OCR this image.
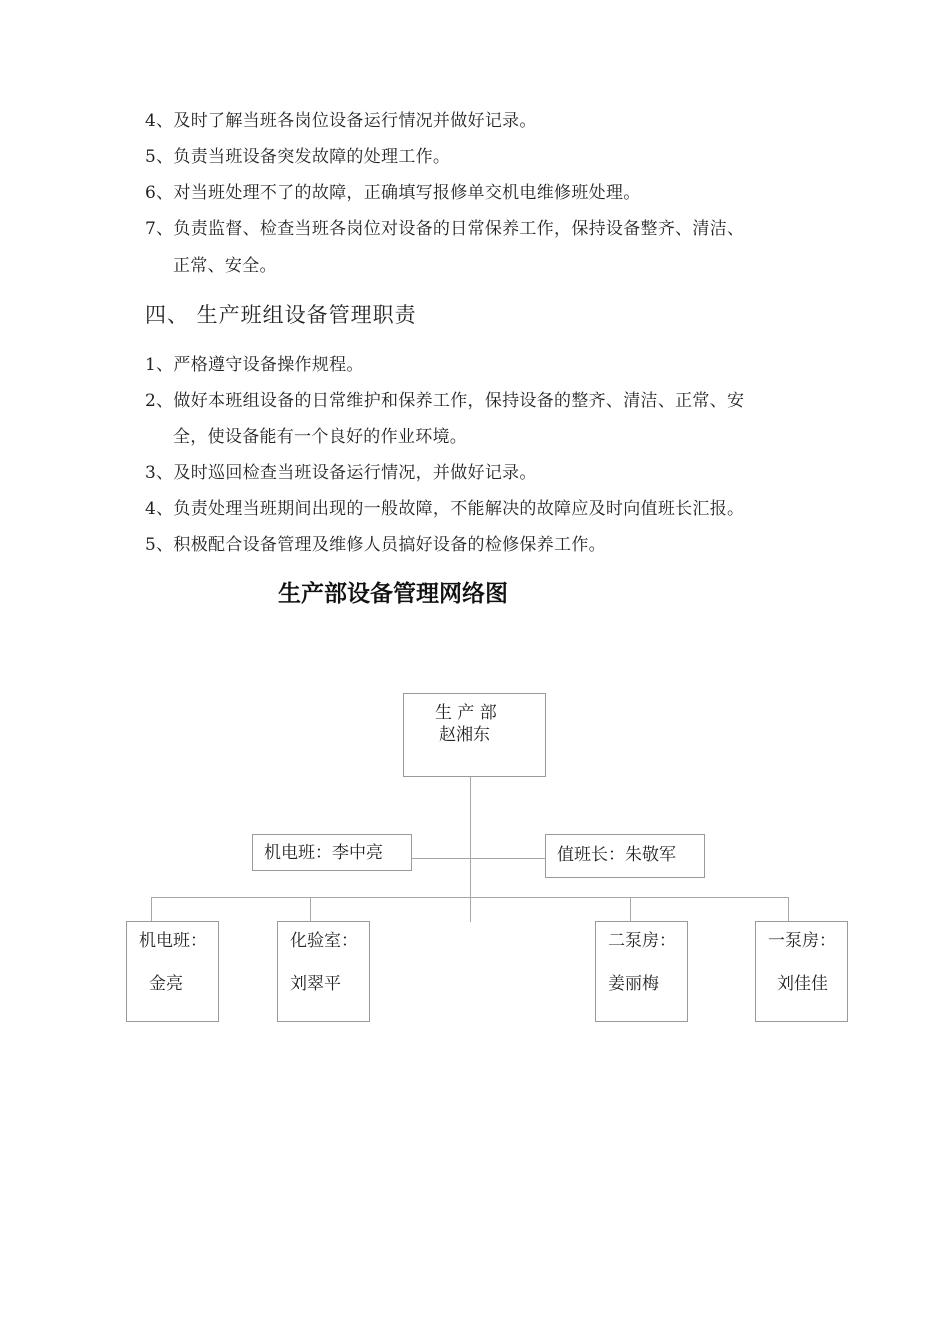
4、及时了解当班各岗位设备运行情况并做好记录。
5、负责当班设备突发故障的处理工作。
6、对当班处理不了的故障，正确填写报修单交机电维修班处理。
7、负责监督、检查当班各岗位对设备的日常保养工作，保持设备整齐、清洁、
正常、安全。
四、 生产班组设备管理职责
1、严格遵守设备操作规程。
2、做好本班组设备的日常维护和保养工作，保持设备的整齐、清洁、正常、安
全，使设备能有一个良好的作业环境。
3、及时巡回检查当班设备运行情况，并做好记录。
4、负责处理当班期间出现的一般故障，不能解决的故障应及时向值班长汇报。
5、积极配合设备管理及维修人员搞好设备的检修保养工作。
生产部设备管理网络图
生 产 部
赵湘东
机电班：李中亮	值班长：朱敬军
机电班：
金亮
化验室：
刘翠平
二泵房：
姜丽梅
一泵房：
刘佳佳
